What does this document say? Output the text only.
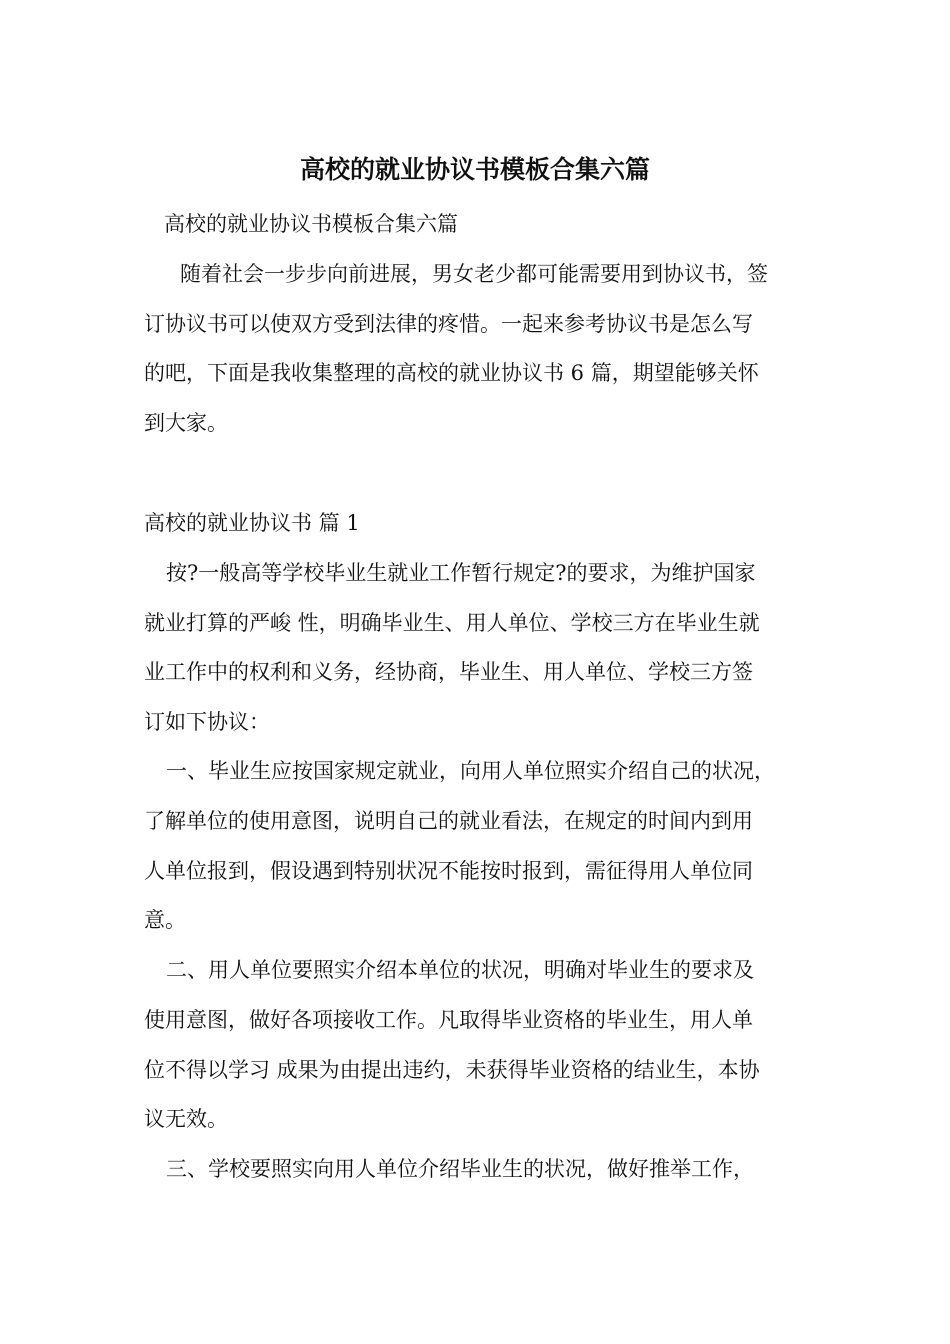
高校的就业协议书模板合集六篇
高校的就业协议书模板合集六篇
随着社会一步步向前进展，男女老少都可能需要用到协议书，签
订协议书可以使双方受到法律的疼惜。一起来参考协议书是怎么写
的吧，下面是我收集整理的高校的就业协议书 6 篇，期望能够关怀
到大家。
高校的就业协议书 篇 1
按?一般高等学校毕业生就业工作暂行规定?的要求，为维护国家
就业打算的严峻 性，明确毕业生、用人单位、学校三方在毕业生就
业工作中的权利和义务，经协商，毕业生、用人单位、学校三方签
订如下协议：
一、毕业生应按国家规定就业，向用人单位照实介绍自己的状况，
了解单位的使用意图，说明自己的就业看法，在规定的时间内到用
人单位报到，假设遇到特别状况不能按时报到，需征得用人单位同
意。
二、用人单位要照实介绍本单位的状况，明确对毕业生的要求及
使用意图，做好各项接收工作。凡取得毕业资格的毕业生，用人单
位不得以学习 成果为由提出违约，未获得毕业资格的结业生，本协
议无效。
三、学校要照实向用人单位介绍毕业生的状况，做好推举工作，
